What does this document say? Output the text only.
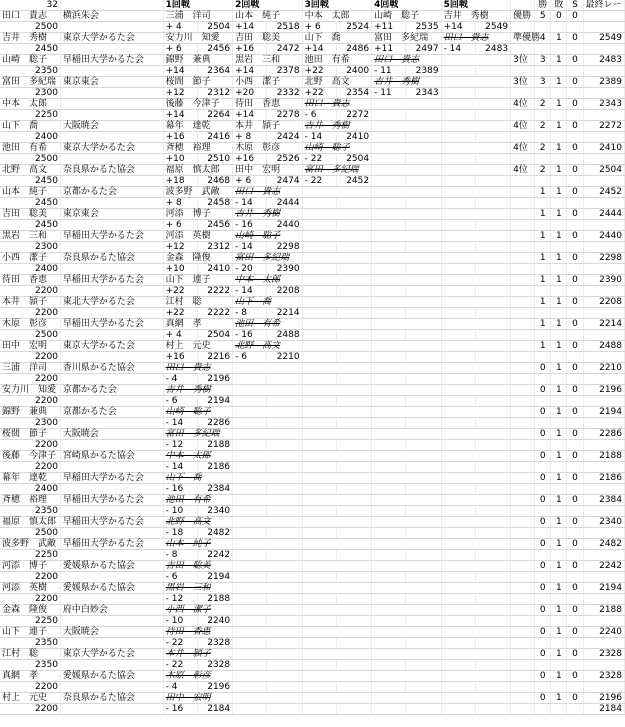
32		1回戦		2回戦		3回戦		4回戦		5回戦			勝	敗	S	最終レー
田口　貴志	横浜朱会	三浦　洋司		山本　純子		中本　太郎		山崎　聡子		吉井　秀樹		優勝	5	0	0	
2500		+ 4	2504	+14	2518	+ 6	2524	+11	2535	+14	2549					
吉井　秀樹	東京大学かるた会	安力川　知愛		吉田　聡美		山下　喬		富田　多紀瑞		田口　貴志		準優勝	4	1	0	2549
2450		+ 6	2456	+16	2472	+14	2486	+11	2497	- 14	2483					
山崎　聡子	早稲田大学かるた会	錦野　兼典		黒岩　三和		池田　有希		田口　貴志				3位	3	1	0	2483
2350		+14	2364	+14	2378	+22	2400	- 11	2389							
富田　多紀瑞	東京東会	桜間　節子		小西　潔子		北野　高文		吉井　秀樹				3位	3	1	0	2389
2300		+12	2312	+20	2332	+22	2354	- 11	2343							
中本　太郎		後藤　今津子		待田　香恵		田口　貴志						4位	2	1	0	2343
2250		+14	2264	+14	2278	- 6	2272									
山下　喬	大阪暁会	幕年　達乾		本井　頴子		吉井　秀樹						4位	2	1	0	2272
2400		+16	2416	+ 8	2424	- 14	2410									
池田　有希	東京大学かるた会	斉穂　裕理		木原　彰彦		山崎　聡子						4位	2	1	0	2410
2500		+10	2510	+16	2526	- 22	2504									
北野　高文	奈良県かるた協会	福原　慎太郎		田中　宏明		富田　多紀瑞						4位	2	1	0	2504
2450		+18	2468	+ 6	2474	- 22	2452									
山本　純子	京都かるた会	波多野　武敵		田口　貴志									1	1	0	2452
2450		+ 8	2458	- 14	2444											
吉田　聡美	東京東会	河添　博子		吉井　秀樹									1	1	0	2444
2450		+ 6	2456	- 16	2440											
黒岩　三和	早稲田大学かるた会	河添　英樹		山崎　聡子									1	1	0	2440
2300		+12	2312	- 14	2298											
小西　潔子	奈良県かるた協会	金森　隆俊		富田　多紀瑞									1	1	0	2298
2400		+10	2410	- 20	2390											
待田　香恵	早稲田大学かるた会	山下　連子		中本　太郎									1	1	0	2390
2200		+22	2222	- 14	2208											
本井　頴子	東北大学かるた会	江村　聡		山下　喬									1	1	0	2208
2200		+22	2222	- 8	2214											
木原　彰彦	早稲田大学かるた会	真網　孝		池田　有希									1	1	0	2214
2500		+ 4	2504	- 16	2488											
田中　宏明	東京大学かるた会	村上　元史		北野　高文									1	1	0	2488
2200		+16	2216	- 6	2210											
三浦　洋司	香川県かるた協会	田口　貴志											0	1	0	2210
2200		- 4	2196													
安力川　知愛	京都かるた会	吉井　秀樹											0	1	0	2196
2200		- 6	2194													
錦野　兼典	京都かるた会	山崎　聡子											0	1	0	2194
2300		- 14	2286													
桜間　節子	大阪暁会	富田　多紀瑞											0	1	0	2286
2200		- 12	2188													
後藤　今津子	宮崎県かるた協会	中本　太郎											0	1	0	2188
2200		- 14	2186													
幕年　達乾	早稲田大学かるた会	山下　喬											0	1	0	2186
2400		- 16	2384													
斉穂　裕理	早稲田大学かるた会	池田　有希											0	1	0	2384
2350		- 10	2340													
福原　慎太郎	早稲田大学かるた会	北野　高文											0	1	0	2340
2500		- 18	2482													
波多野　武敵	早稲田大学かるた会	山本　純子											0	1	0	2482
2250		- 8	2242													
河添　博子	愛媛県かるた協会	吉田　聡美											0	1	0	2242
2200		- 6	2194													
河添　英樹	愛媛県かるた協会	黒岩　三和											0	1	0	2194
2200		- 12	2188													
金森　隆俊	府中白妙会	小西　潔子											0	1	0	2188
2250		- 10	2240													
山下　連子	大阪暁会	待田　香恵											0	1	0	2240
2350		- 22	2328													
江村　聡	東京大学かるた会	本井　頴子											0	1	0	2328
2350		- 22	2328													
真網　孝	愛媛県かるた協会	木原　彰彦											0	1	0	2328
2200		- 4	2196													
村上　元史	奈良県かるた協会	田中　宏明											0	1	0	2196
2200		- 16	2184													2184
